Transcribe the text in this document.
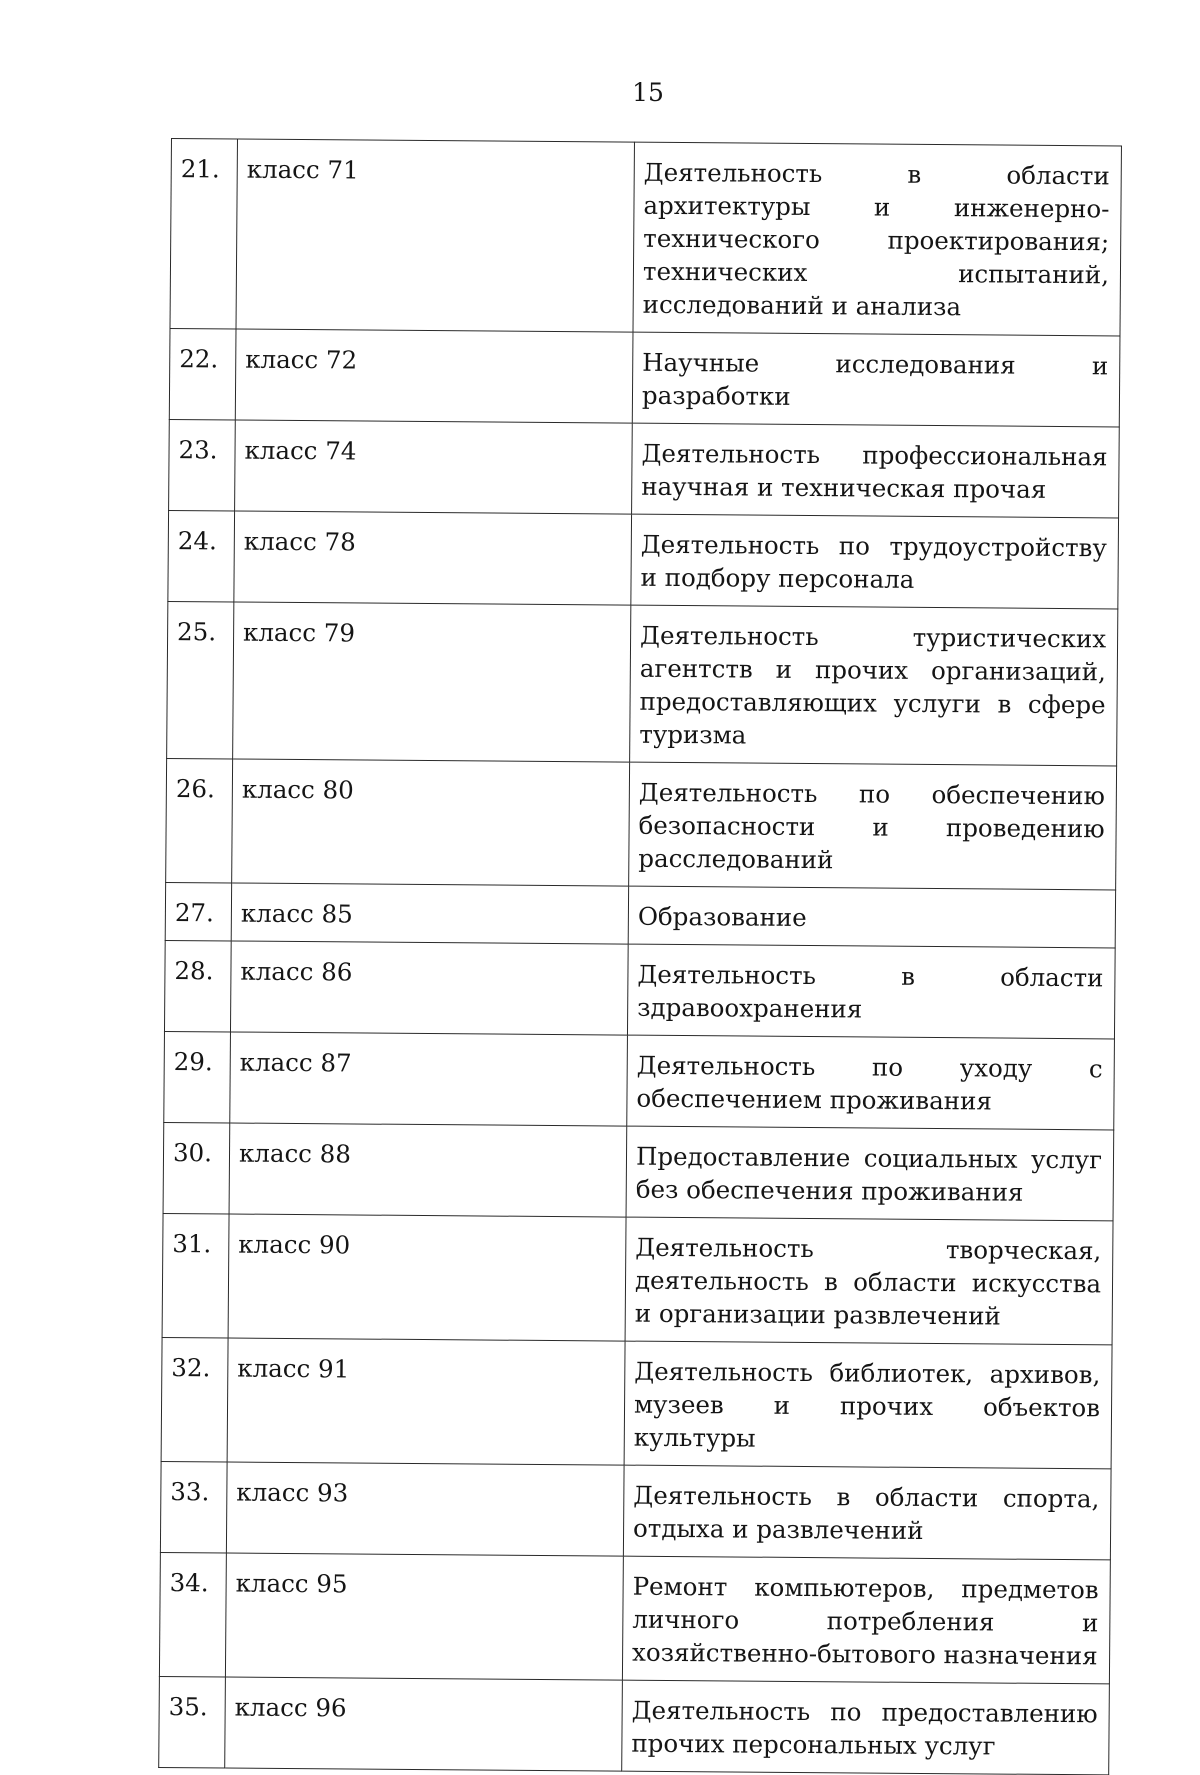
15
21.	класс 71	Деятельность в области архитектуры и инженерно-технического проектирования; технических испытаний, исследований и анализа
22.	класс 72	Научные исследования и разработки
23.	класс 74	Деятельность профессиональная научная и техническая прочая
24.	класс 78	Деятельность по трудоустройству и подбору персонала
25.	класс 79	Деятельность туристических агентств и прочих организаций, предоставляющих услуги в сфере туризма
26.	класс 80	Деятельность по обеспечению безопасности и проведению расследований
27.	класс 85	Образование
28.	класс 86	Деятельность в области здравоохранения
29.	класс 87	Деятельность по уходу с обеспечением проживания
30.	класс 88	Предоставление социальных услуг без обеспечения проживания
31.	класс 90	Деятельность творческая, деятельность в области искусства и организации развлечений
32.	класс 91	Деятельность библиотек, архивов, музеев и прочих объектов культуры
33.	класс 93	Деятельность в области спорта, отдыха и развлечений
34.	класс 95	Ремонт компьютеров, предметов личного потребления и хозяйственно-бытового назначения
35.	класс 96	Деятельность по предоставлению прочих персональных услуг
